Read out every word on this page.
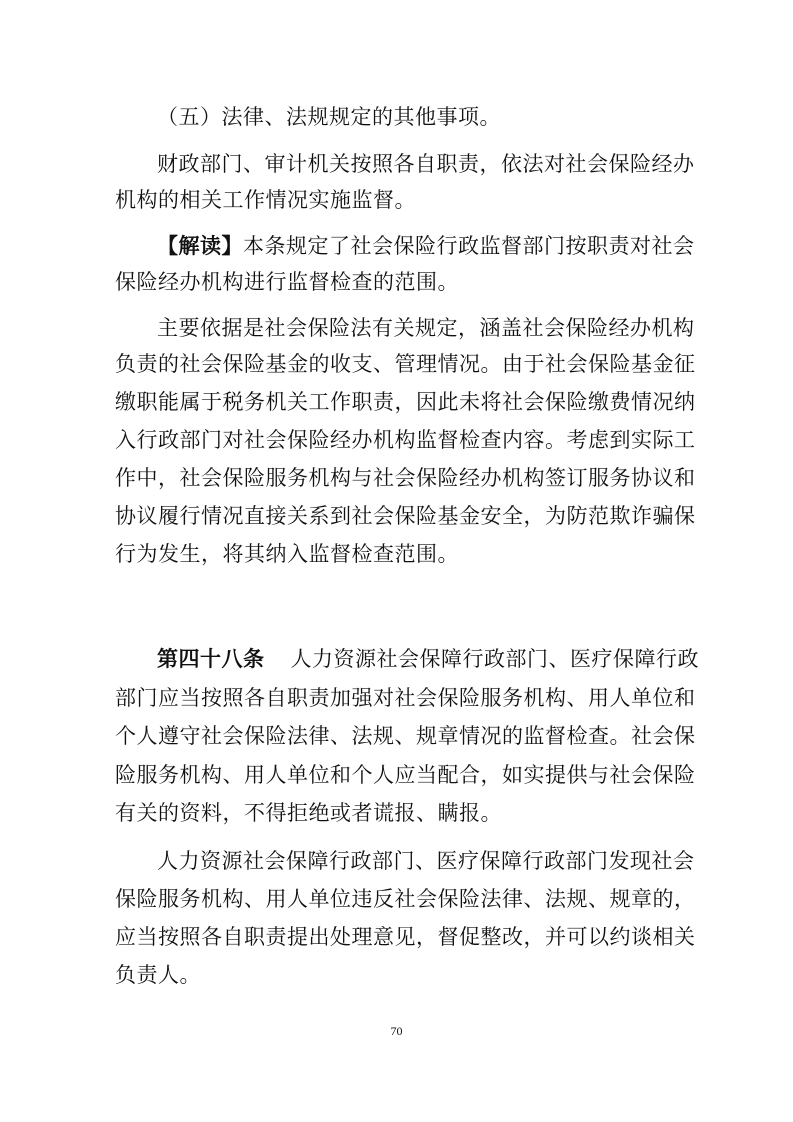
（五）法律、法规规定的其他事项。
财政部门、审计机关按照各自职责，依法对社会保险经办
机构的相关工作情况实施监督。
【解读】本条规定了社会保险行政监督部门按职责对社会
保险经办机构进行监督检查的范围。
主要依据是社会保险法有关规定，涵盖社会保险经办机构
负责的社会保险基金的收支、管理情况。由于社会保险基金征
缴职能属于税务机关工作职责，因此未将社会保险缴费情况纳
入行政部门对社会保险经办机构监督检查内容。考虑到实际工
作中，社会保险服务机构与社会保险经办机构签订服务协议和
协议履行情况直接关系到社会保险基金安全，为防范欺诈骗保
行为发生，将其纳入监督检查范围。
第四十八条 人力资源社会保障行政部门、医疗保障行政
部门应当按照各自职责加强对社会保险服务机构、用人单位和
个人遵守社会保险法律、法规、规章情况的监督检查。社会保
险服务机构、用人单位和个人应当配合，如实提供与社会保险
有关的资料，不得拒绝或者谎报、瞒报。
人力资源社会保障行政部门、医疗保障行政部门发现社会
保险服务机构、用人单位违反社会保险法律、法规、规章的，
应当按照各自职责提出处理意见，督促整改，并可以约谈相关
负责人。
70
